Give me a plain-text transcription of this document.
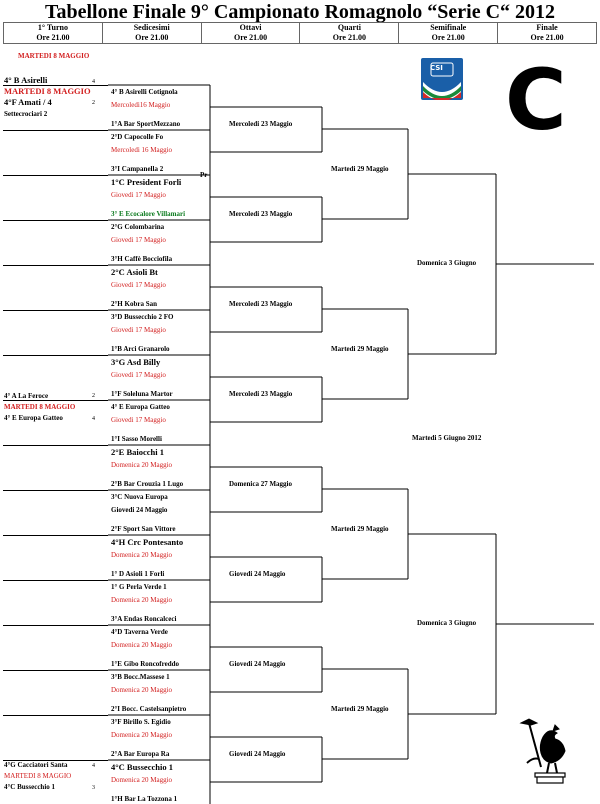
Tabellone Finale 9° Campionato Romagnolo “Serie C“ 2012
1° Turno
Ore 21.00

Sedicesimi
Ore 21.00

Ottavi
Ore 21.00

Quarti
Ore 21.00

Semifinale
Ore 21.00

Finale
Ore 21.00
MARTEDI 8 MAGGIO
4° B Asirelli	4
MARTEDI 8 MAGGIO
4°F Amati / 4	2
Settecrociari 2
4° A La Feroce	2
MARTEDI 8 MAGGIO
4° E Europa Gatteo	4
4°G Cacciatori Santa	4
MARTEDI 8 MAGGIO
4°C Bussecchio 1	3
4° B Asirelli Cotignola
Mercoledi16 Maggio
1°A Bar SportMezzano
2°D Capocolle Fo
Mercoledi 16 Maggio
3°I Campanella 2
1°C President Forli
Giovedi 17 Maggio
3° E Ecocalore Villamari
Pr
2°G Colombarina
Giovedi 17 Maggio
3°H Caffè Bocciofila
2°C Asioli Bt
Giovedi 17 Maggio
2°H Kobra San
3°D Bussecchio 2 FO
Giovedi 17 Maggio
1°B Arci Granarolo
3°G Asd Billy
Giovedi 17 Maggio
1°F Soleluna Martor
4° E Europa Gatteo
Giovedi 17 Maggio
1°I Sasso Morelli
2°E Baiocchi 1
Domenica 20 Maggio
2°B Bar Crouzia 1 Lugo
3°C Nuova Europa
Giovedi 24 Maggio
2°F Sport San Vittore
4°H Crc Pontesanto
Domenica 20 Maggio
1° D Asioli 1 Forli
1° G Perla Verde 1
Domenica 20 Maggio
3°A Endas Roncalceci
4°D Taverna Verde
Domenica 20 Maggio
1°E Gibo Roncofreddo
3°B Bocc.Massese 1
Domenica 20 Maggio
2°I Bocc. Castelsanpietro
3°F Birillo S. Egidio
Domenica 20 Maggio
2°A Bar Europa Ra
4°C Bussecchio 1
Domenica 20 Maggio
1°H Bar La Tozzona 1
Mercoledi 23 Maggio
Mercoledi 23 Maggio
Mercoledi 23 Maggio
Mercoledi 23 Maggio
Domenica 27 Maggio
Giovedi 24 Maggio
Giovedi 24 Maggio
Giovedi 24 Maggio
Martedi 29 Maggio
Martedi 29 Maggio
Martedi 29 Maggio
Martedi 29 Maggio
Domenica 3 Giugno
Domenica 3 Giugno
Martedi 5 Giugno 2012
CSI C
